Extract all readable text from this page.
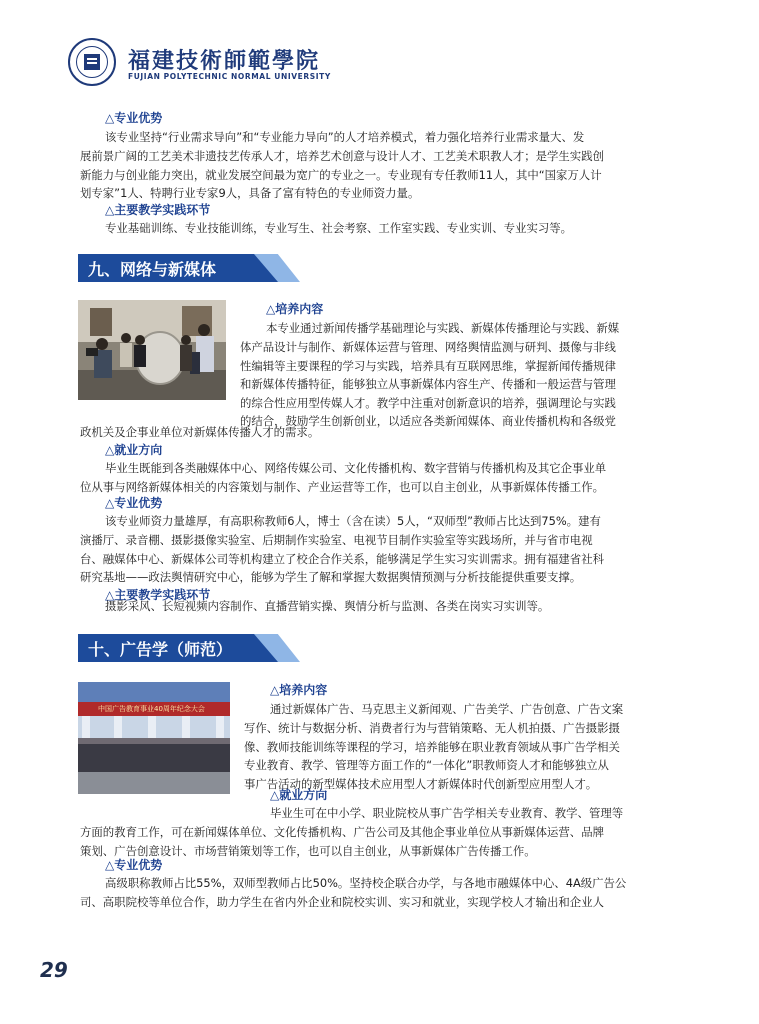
福建技術師範學院
FUJIAN POLYTECHNIC NORMAL UNIVERSITY
△专业优势
该专业坚持“行业需求导向”和“专业能力导向”的人才培养模式，着力强化培养行业需求量大、发
展前景广阔的工艺美术非遗技艺传承人才，培养艺术创意与设计人才、工艺美术职教人才；是学生实践创
新能力与创业能力突出，就业发展空间最为宽广的专业之一。专业现有专任教师11人，其中“国家万人计
划专家”1人、特聘行业专家9人，具备了富有特色的专业师资力量。
△主要教学实践环节
专业基础训练、专业技能训练，专业写生、社会考察、工作室实践、专业实训、专业实习等。
九、网络与新媒体
△培养内容
本专业通过新闻传播学基础理论与实践、新媒体传播理论与实践、新媒
体产品设计与制作、新媒体运营与管理、网络舆情监测与研判、摄像与非线
性编辑等主要课程的学习与实践，培养具有互联网思维，掌握新闻传播规律
和新媒体传播特征，能够独立从事新媒体内容生产、传播和一般运营与管理
的综合性应用型传媒人才。教学中注重对创新意识的培养，强调理论与实践
的结合，鼓励学生创新创业，以适应各类新闻媒体、商业传播机构和各级党
政机关及企事业单位对新媒体传播人才的需求。
△就业方向
毕业生既能到各类融媒体中心、网络传媒公司、文化传播机构、数字营销与传播机构及其它企事业单
位从事与网络新媒体相关的内容策划与制作、产业运营等工作，也可以自主创业，从事新媒体传播工作。
△专业优势
该专业师资力量雄厚，有高职称教师6人，博士（含在读）5人，“双师型”教师占比达到75%。建有
演播厅、录音棚、摄影摄像实验室、后期制作实验室、电视节目制作实验室等实践场所，并与省市电视
台、融媒体中心、新媒体公司等机构建立了校企合作关系，能够满足学生实习实训需求。拥有福建省社科
研究基地——政法舆情研究中心，能够为学生了解和掌握大数据舆情预测与分析技能提供重要支撑。
△主要教学实践环节
摄影采风、长短视频内容制作、直播营销实操、舆情分析与监测、各类在岗实习实训等。
十、广告学（师范）
中国广告教育事业40周年纪念大会
△培养内容
通过新媒体广告、马克思主义新闻观、广告美学、广告创意、广告文案
写作、统计与数据分析、消费者行为与营销策略、无人机拍摄、广告摄影摄
像、教师技能训练等课程的学习，培养能够在职业教育领域从事广告学相关
专业教育、教学、管理等方面工作的“一体化”职教师资人才和能够独立从
事广告活动的新型媒体技术应用型人才新媒体时代创新型应用型人才。
△就业方向
毕业生可在中小学、职业院校从事广告学相关专业教育、教学、管理等
方面的教育工作，可在新闻媒体单位、文化传播机构、广告公司及其他企事业单位从事新媒体运营、品牌
策划、广告创意设计、市场营销策划等工作，也可以自主创业，从事新媒体广告传播工作。
△专业优势
高级职称教师占比55%，双师型教师占比50%。坚持校企联合办学，与各地市融媒体中心、4A级广告公
司、高职院校等单位合作，助力学生在省内外企业和院校实训、实习和就业，实现学校人才输出和企业人
29
